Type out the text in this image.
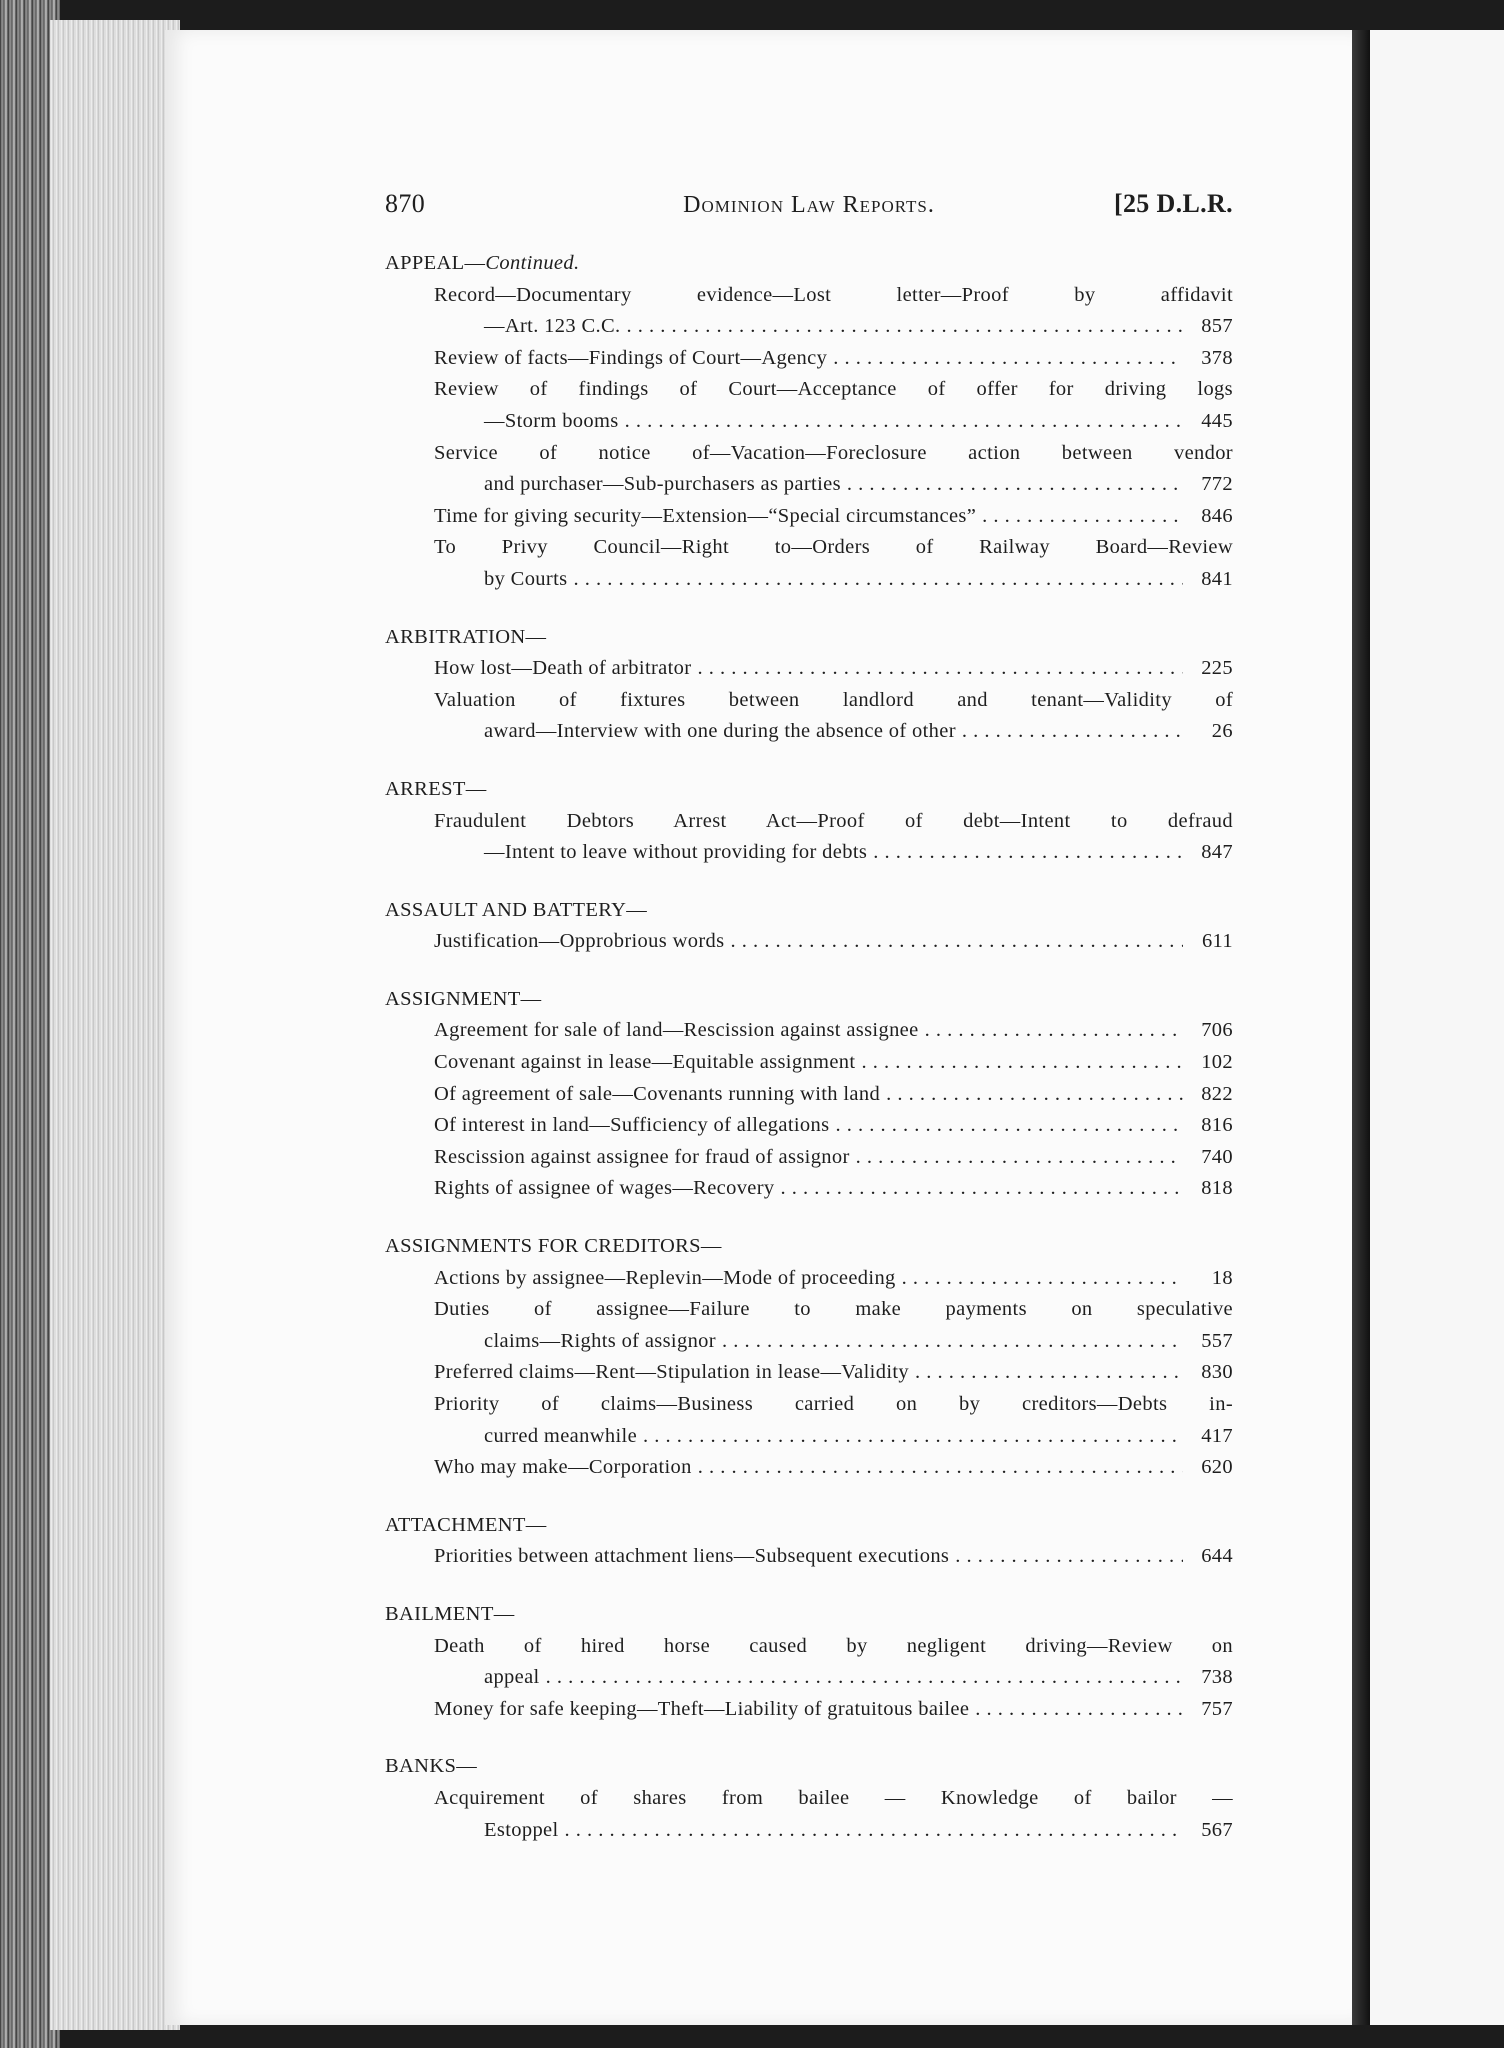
870	Dominion Law Reports.	[25 D.L.R.
APPEAL—Continued.
Record—Documentary evidence—Lost letter—Proof by affidavit
—Art. 123 C.C. . . .	857
Review of facts—Findings of Court—Agency . . .	378
Review of findings of Court—Acceptance of offer for driving logs
—Storm booms . . .	445
Service of notice of—Vacation—Foreclosure action between vendor
and purchaser—Sub-purchasers as parties . . .	772
Time for giving security—Extension—“Special circumstances” . . .	846
To Privy Council—Right to—Orders of Railway Board—Review
by Courts . . .	841
ARBITRATION—
How lost—Death of arbitrator . . .	225
Valuation of fixtures between landlord and tenant—Validity of
award—Interview with one during the absence of other . . .	26
ARREST—
Fraudulent Debtors Arrest Act—Proof of debt—Intent to defraud
—Intent to leave without providing for debts . . .	847
ASSAULT AND BATTERY—
Justification—Opprobrious words . . .	611
ASSIGNMENT—
Agreement for sale of land—Rescission against assignee . . .	706
Covenant against in lease—Equitable assignment . . .	102
Of agreement of sale—Covenants running with land . . .	822
Of interest in land—Sufficiency of allegations . . .	816
Rescission against assignee for fraud of assignor . . .	740
Rights of assignee of wages—Recovery . . .	818
ASSIGNMENTS FOR CREDITORS—
Actions by assignee—Replevin—Mode of proceeding . . .	18
Duties of assignee—Failure to make payments on speculative
claims—Rights of assignor . . .	557
Preferred claims—Rent—Stipulation in lease—Validity . . .	830
Priority of claims—Business carried on by creditors—Debts in-
curred meanwhile . . .	417
Who may make—Corporation . . .	620
ATTACHMENT—
Priorities between attachment liens—Subsequent executions . . .	644
BAILMENT—
Death of hired horse caused by negligent driving—Review on
appeal . . .	738
Money for safe keeping—Theft—Liability of gratuitous bailee . . .	757
BANKS—
Acquirement of shares from bailee — Knowledge of bailor —
Estoppel . . .	567
